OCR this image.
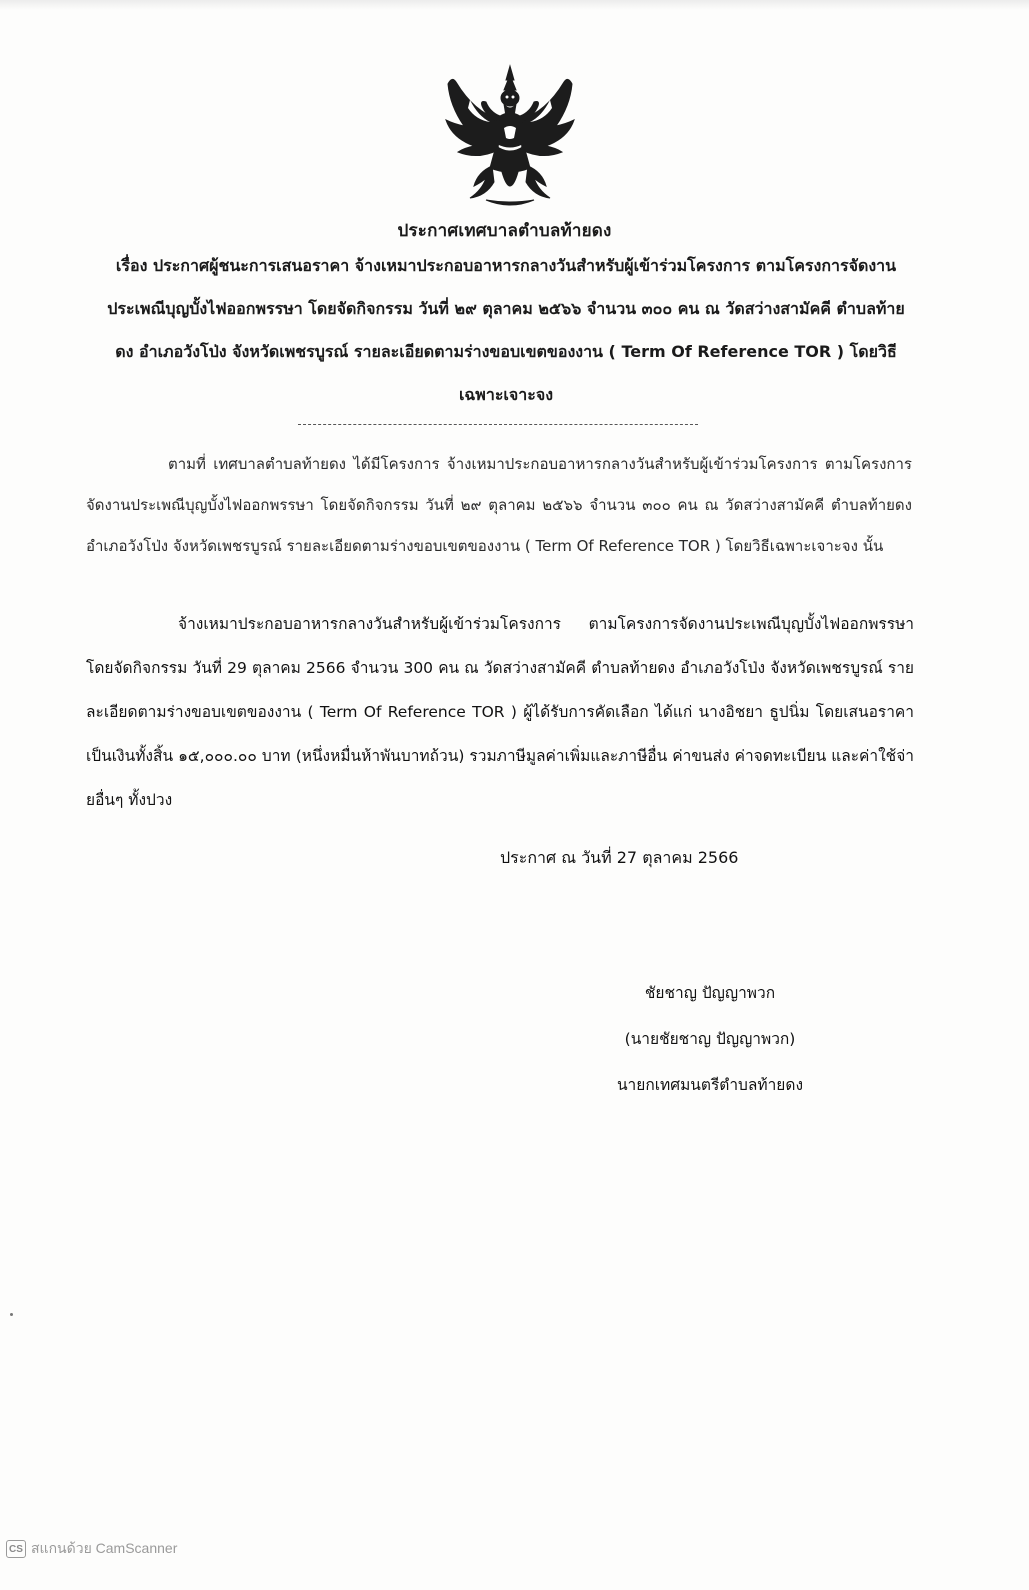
ประกาศเทศบาลตำบลท้ายดง
เรื่อง ประกาศผู้ชนะการเสนอราคา จ้างเหมาประกอบอาหารกลางวันสำหรับผู้เข้าร่วมโครงการ ตามโครงการจัดงานประเพณีบุญบั้งไฟออกพรรษา โดยจัดกิจกรรม วันที่ ๒๙ ตุลาคม ๒๕๖๖ จำนวน ๓๐๐ คน ณ วัดสว่างสามัคคี ตำบลท้ายดง อำเภอวังโป่ง จังหวัดเพชรบูรณ์ รายละเอียดตามร่างขอบเขตของงาน ( Term Of Reference TOR ) โดยวิธีเฉพาะเจาะจง
ตามที่ เทศบาลตำบลท้ายดง ได้มีโครงการ จ้างเหมาประกอบอาหารกลางวันสำหรับผู้เข้าร่วมโครงการ ตามโครงการจัดงานประเพณีบุญบั้งไฟออกพรรษา โดยจัดกิจกรรม วันที่ ๒๙ ตุลาคม ๒๕๖๖ จำนวน ๓๐๐ คน ณ วัดสว่างสามัคคี ตำบลท้ายดง อำเภอวังโป่ง จังหวัดเพชรบูรณ์ รายละเอียดตามร่างขอบเขตของงาน ( Term Of Reference TOR ) โดยวิธีเฉพาะเจาะจง นั้น
จ้างเหมาประกอบอาหารกลางวันสำหรับผู้เข้าร่วมโครงการ ตามโครงการจัดงานประเพณีบุญบั้งไฟออกพรรษา โดยจัดกิจกรรม วันที่ 29 ตุลาคม 2566 จำนวน 300 คน ณ วัดสว่างสามัคคี ตำบลท้ายดง อำเภอวังโป่ง จังหวัดเพชรบูรณ์ รายละเอียดตามร่างขอบเขตของงาน ( Term Of Reference TOR ) ผู้ได้รับการคัดเลือก ได้แก่ นางอิชยา ธูปนิ่ม โดยเสนอราคา เป็นเงินทั้งสิ้น ๑๕,๐๐๐.๐๐ บาท (หนึ่งหมื่นห้าพันบาทถ้วน) รวมภาษีมูลค่าเพิ่มและภาษีอื่น ค่าขนส่ง ค่าจดทะเบียน และค่าใช้จ่ายอื่นๆ ทั้งปวง
ประกาศ ณ วันที่ 27 ตุลาคม 2566
ชัยชาญ ปัญญาพวก
(นายชัยชาญ ปัญญาพวก)
นายกเทศมนตรีตำบลท้ายดง
CS สแกนด้วย CamScanner
